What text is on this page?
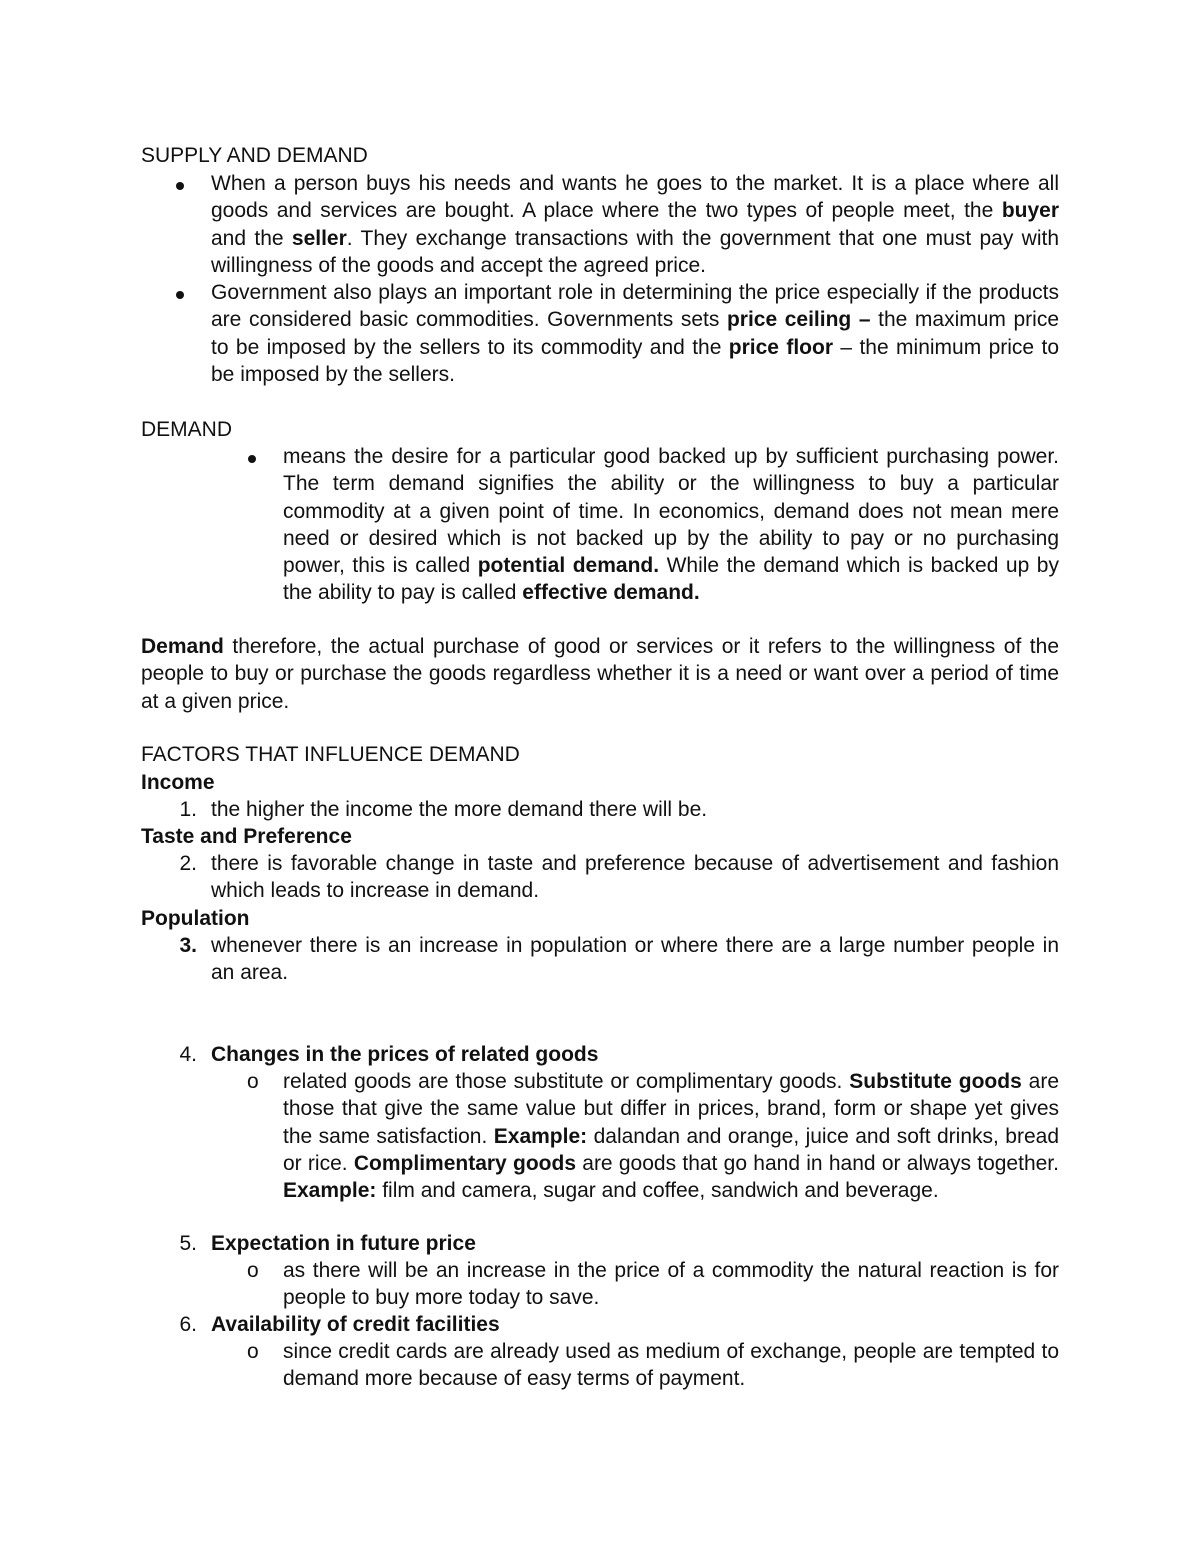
SUPPLY AND DEMAND

When a person buys his needs and wants he goes to the market. It is a place where all goods and services are bought. A place where the two types of people meet, the buyer and the seller. They exchange transactions with the government that one must pay with willingness of the goods and accept the agreed price.

Government also plays an important role in determining the price especially if the products are considered basic commodities. Governments sets price ceiling – the maximum price to be imposed by the sellers to its commodity and the price floor – the minimum price to be imposed by the sellers.

DEMAND

means the desire for a particular good backed up by sufficient purchasing power. The term demand signifies the ability or the willingness to buy a particular commodity at a given point of time. In economics, demand does not mean mere need or desired which is not backed up by the ability to pay or no purchasing power, this is called potential demand. While the demand which is backed up by the ability to pay is called effective demand.

Demand therefore, the actual purchase of good or services or it refers to the willingness of the people to buy or purchase the goods regardless whether it is a need or want over a period of time at a given price.

FACTORS THAT INFLUENCE DEMAND

Income

1. the higher the income the more demand there will be.

Taste and Preference

2. there is favorable change in taste and preference because of advertisement and fashion which leads to increase in demand.

Population

3. whenever there is an increase in population or where there are a large number people in an area.

4. Changes in the prices of related goods

o related goods are those substitute or complimentary goods. Substitute goods are those that give the same value but differ in prices, brand, form or shape yet gives the same satisfaction. Example: dalandan and orange, juice and soft drinks, bread or rice. Complimentary goods are goods that go hand in hand or always together. Example: film and camera, sugar and coffee, sandwich and beverage.

5. Expectation in future price

o as there will be an increase in the price of a commodity the natural reaction is for people to buy more today to save.

6. Availability of credit facilities

o since credit cards are already used as medium of exchange, people are tempted to demand more because of easy terms of payment.
